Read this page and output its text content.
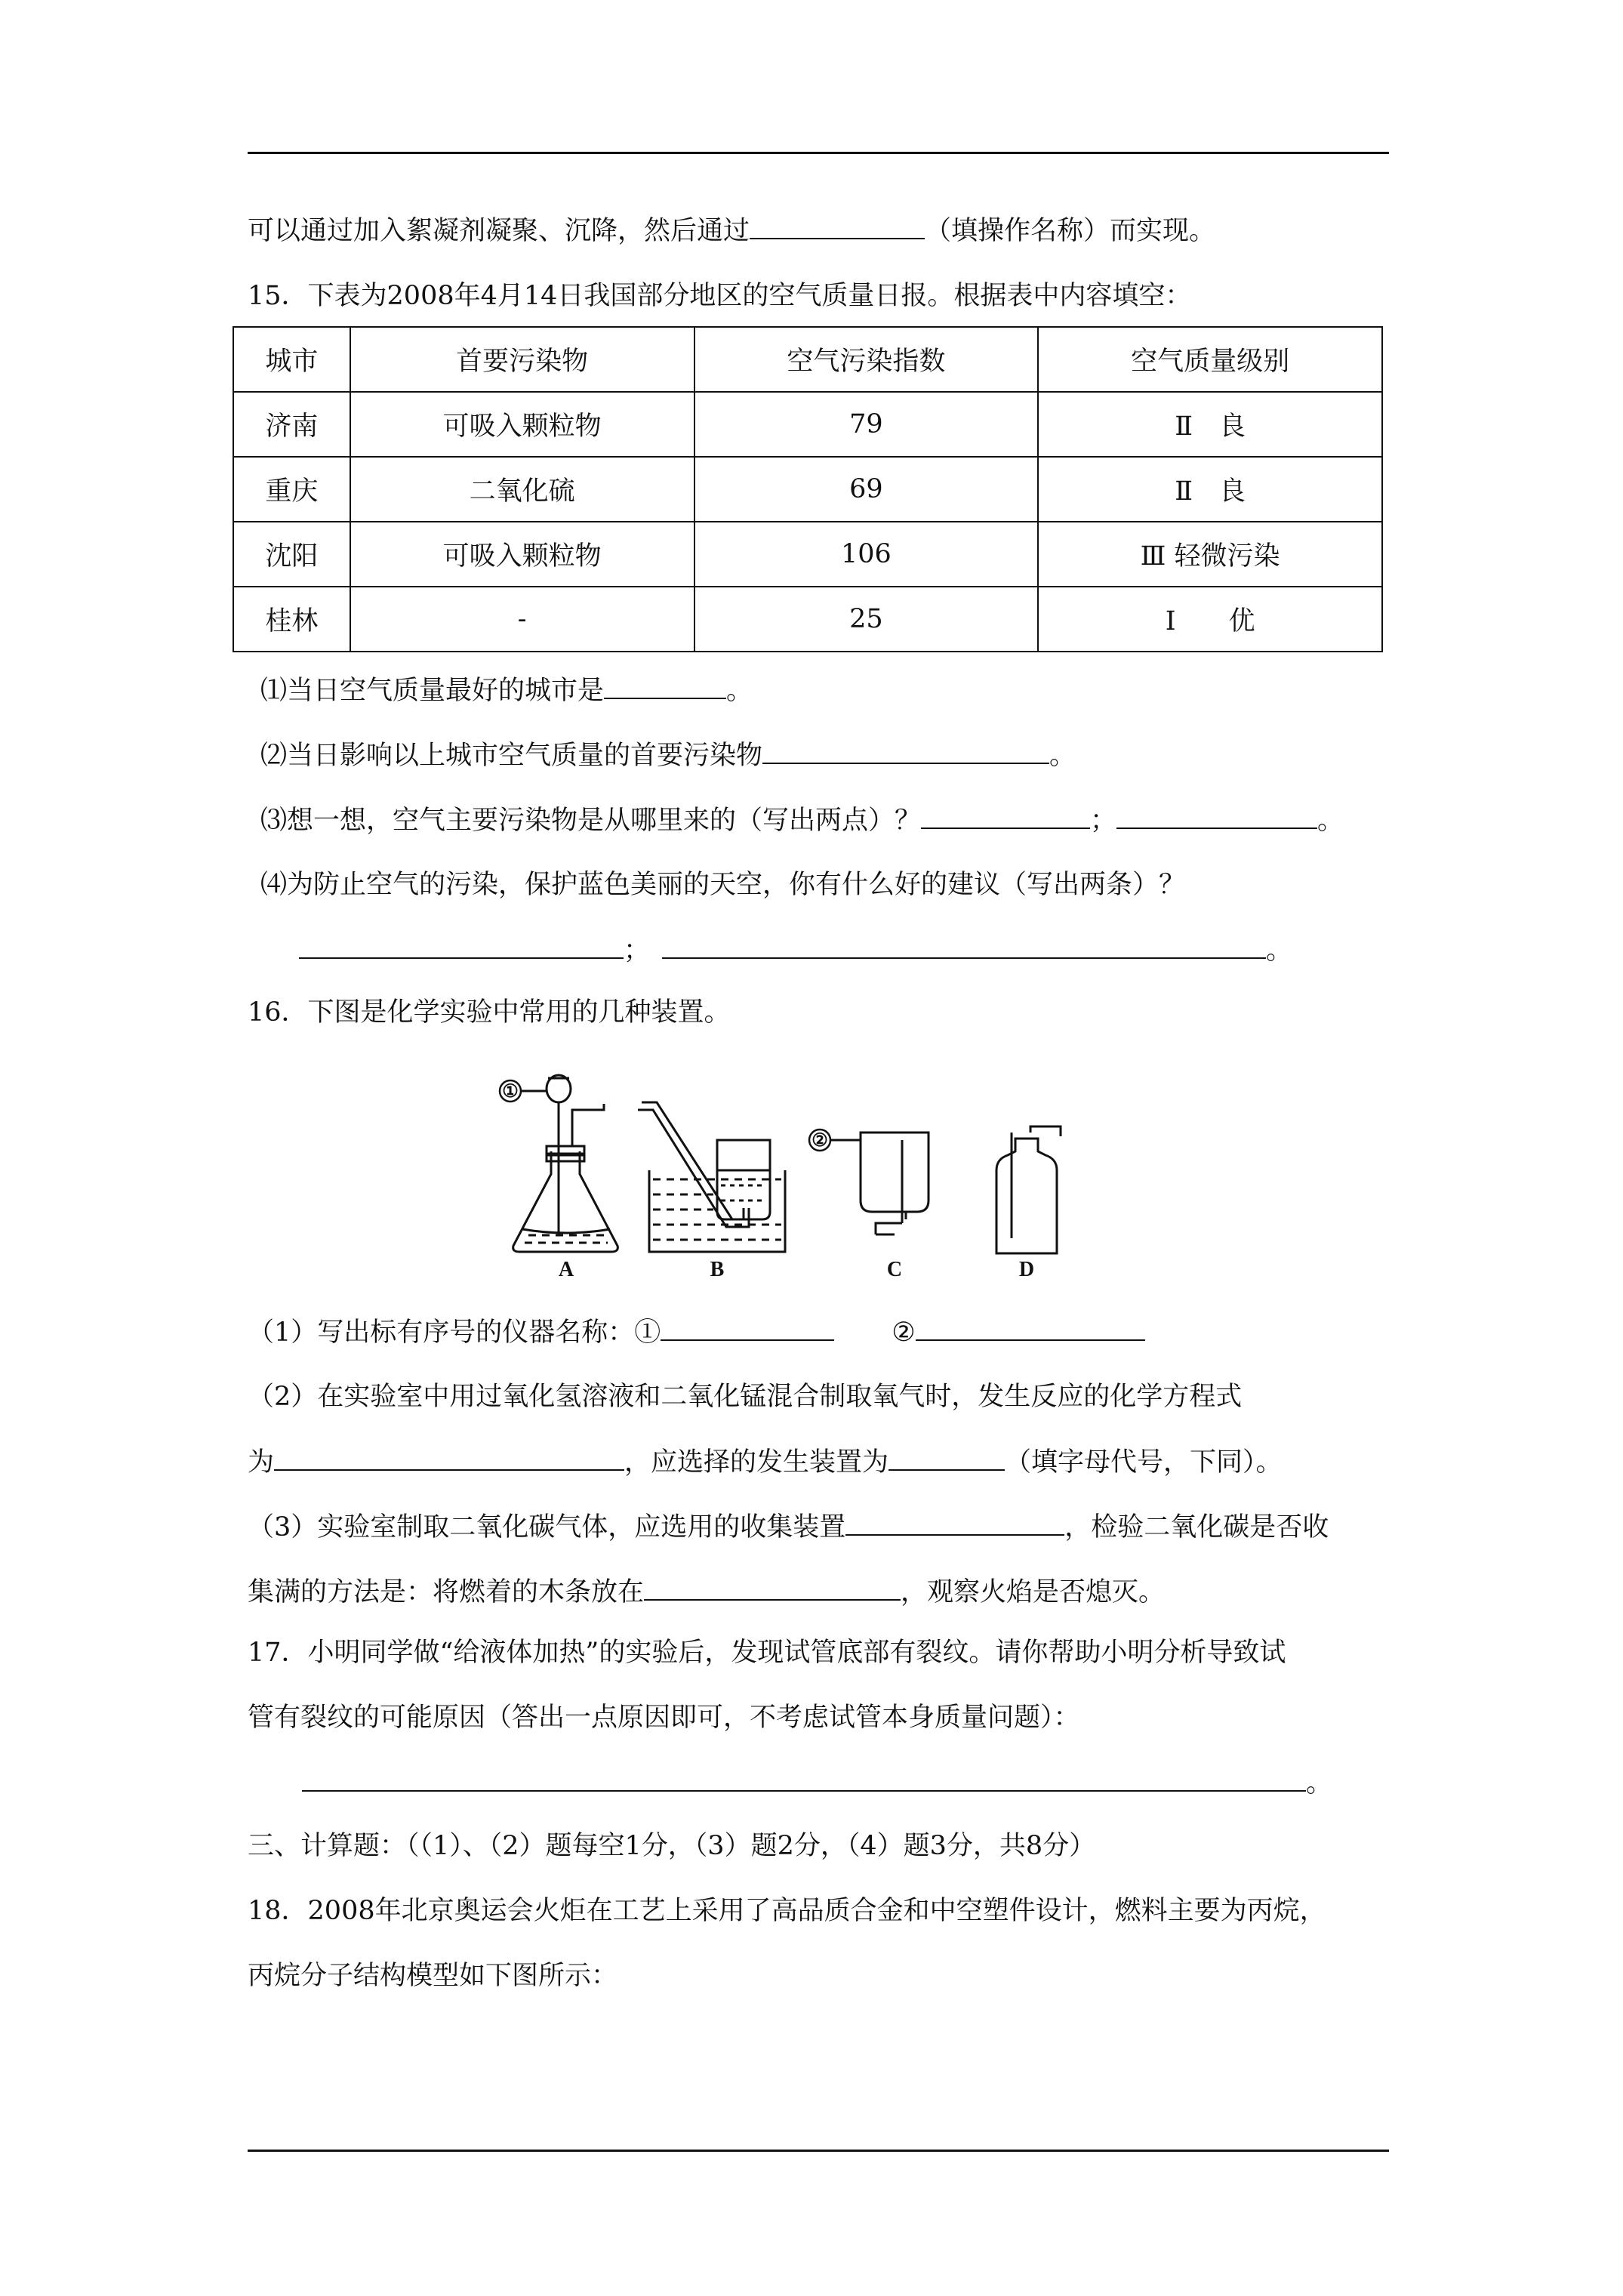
可以通过加入絮凝剂凝聚、沉降，然后通过	（填操作名称）而实现。
15．下表为2008年4月14日我国部分地区的空气质量日报。根据表中内容填空：
城市	首要污染物	空气污染指数	空气质量级别
济南	可吸入颗粒物	79	Ⅱ　良
重庆	二氧化硫	69	Ⅱ　良
沈阳	可吸入颗粒物	106	Ⅲ 轻微污染
桂林	-	25	Ⅰ　　优
⑴当日空气质量最好的城市是	。
⑵当日影响以上城市空气质量的首要污染物	。
⑶想一想，空气主要污染物是从哪里来的（写出两点）？	；	。
⑷为防止空气的污染，保护蓝色美丽的天空，你有什么好的建议（写出两条）？
；	。
16．下图是化学实验中常用的几种装置。
①
②
A	B	C	D
（1）写出标有序号的仪器名称：①	②
（2）在实验室中用过氧化氢溶液和二氧化锰混合制取氧气时，发生反应的化学方程式
为	，应选择的发生装置为	（填字母代号，下同）。
（3）实验室制取二氧化碳气体，应选用的收集装置	，检验二氧化碳是否收
集满的方法是：将燃着的木条放在	，观察火焰是否熄灭。
17．小明同学做“给液体加热”的实验后，发现试管底部有裂纹。请你帮助小明分析导致试
管有裂纹的可能原因（答出一点原因即可，不考虑试管本身质量问题）：
。
三、计算题：（（1）、（2）题每空1分，（3）题2分，（4）题3分，共8分）
18．2008年北京奥运会火炬在工艺上采用了高品质合金和中空塑件设计，燃料主要为丙烷，
丙烷分子结构模型如下图所示：
